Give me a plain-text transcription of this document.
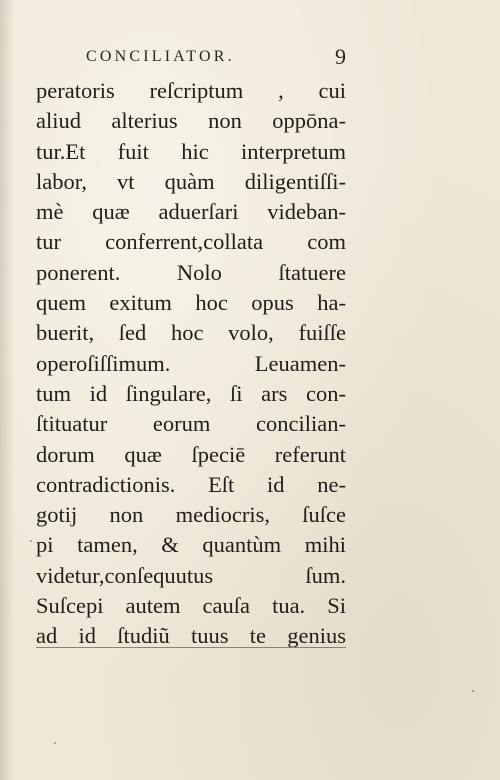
CONCILIATOR.	9
peratoris reſcriptum , cui
aliud alterius non oppōna-
tur.Et fuit hic interpretum
labor, vt quàm diligentiſſi-
mè quæ aduerſari videban-
tur conferrent,collata com
ponerent. Nolo ſtatuere
quem exitum hoc opus ha-
buerit, ſed hoc volo, fuiſſe
operoſiſſimum. Leuamen-
tum id ſingulare, ſi ars con-
ſtituatur eorum concilian-
dorum quæ ſpeciē referunt
contradictionis. Eſt id ne-
gotij non mediocris, ſuſce
pi tamen, & quantùm mihi
videtur,conſequutus ſum.
Suſcepi autem cauſa tua. Si
ad id ſtudiũ tuus te genius
